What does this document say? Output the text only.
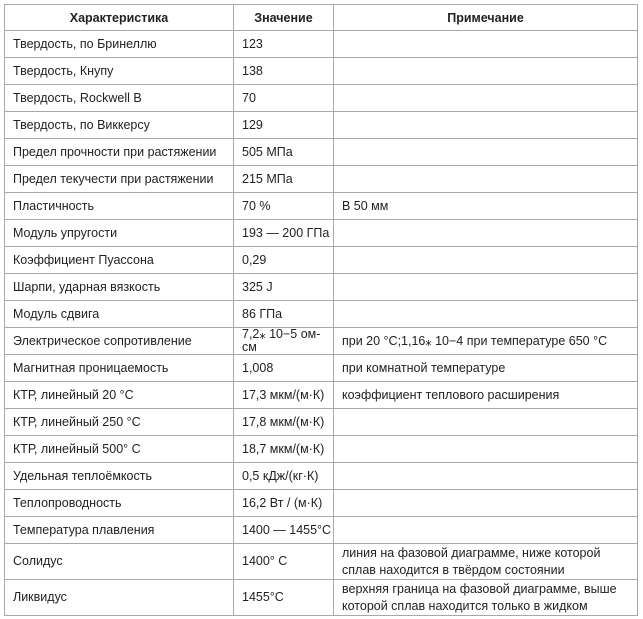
Характеристика	Значение	Примечание
Твердость, по Бринеллю	123	
Твердость, Кнупу	138	
Твердость, Rockwell B	70	
Твердость, по Виккерсу	129	
Предел прочности при растяжении	505 МПа	
Предел текучести при растяжении	215 МПа	
Пластичность	70 %	В 50 мм
Модуль упругости	193 — 200 ГПа	
Коэффициент Пуассона	0,29	
Шарпи, ударная вязкость	325 J	
Модуль сдвига	86 ГПа	
Электрическое сопротивление	7,2⁎ 10−5 ом-см	при 20 °C;1,16⁎ 10−4 при температуре 650 °C
Магнитная проницаемость	1,008	при комнатной температуре
КТР, линейный 20 °C	17,3 мкм/(м·К)	коэффициент теплового расширения
КТР, линейный 250 °C	17,8 мкм/(м·К)	
КТР, линейный 500° C	18,7 мкм/(м·К)	
Удельная теплоёмкость	0,5 кДж/(кг·К)	
Теплопроводность	16,2 Вт / (м·К)	
Температура плавления	1400 — 1455°C	
Солидус	1400° C	линия на фазовой диаграмме, ниже которой сплав находится в твёрдом состоянии
Ликвидус	1455°C	верхняя граница на фазовой диаграмме, выше которой сплав находится только в жидком
